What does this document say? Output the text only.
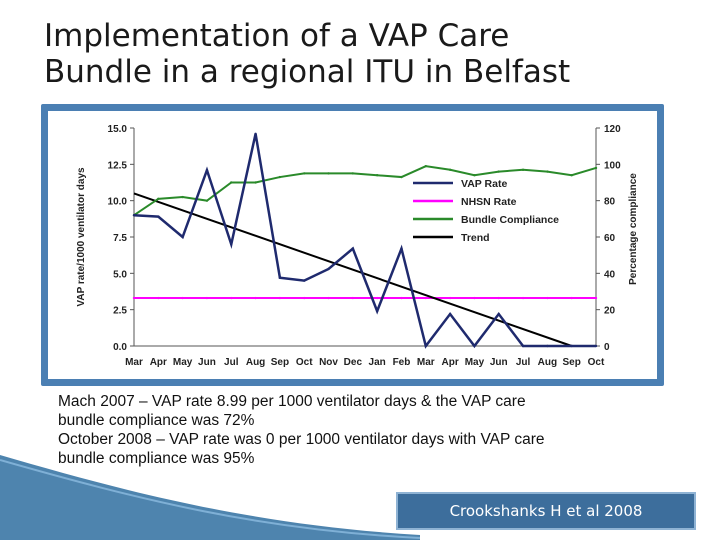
Implementation of a VAP Care
Bundle in a regional ITU in Belfast
0.0
2.5
5.0
7.5
10.0
12.5
15.0
0
20
40
60
80
100
120
Mar Apr May Jun Jul Aug Sep Oct Nov Dec Jan Feb Mar Apr May Jun Jul Aug Sep Oct
VAP rate/1000 ventilator days	Percentage compliance
VAP Rate
NHSN Rate
Bundle Compliance
Trend
Mach 2007 – VAP rate 8.99 per 1000 ventilator days & the VAP care
bundle compliance was 72%
October 2008 – VAP rate was 0 per 1000 ventilator days with VAP care
bundle compliance was 95%
Crookshanks H et al 2008
